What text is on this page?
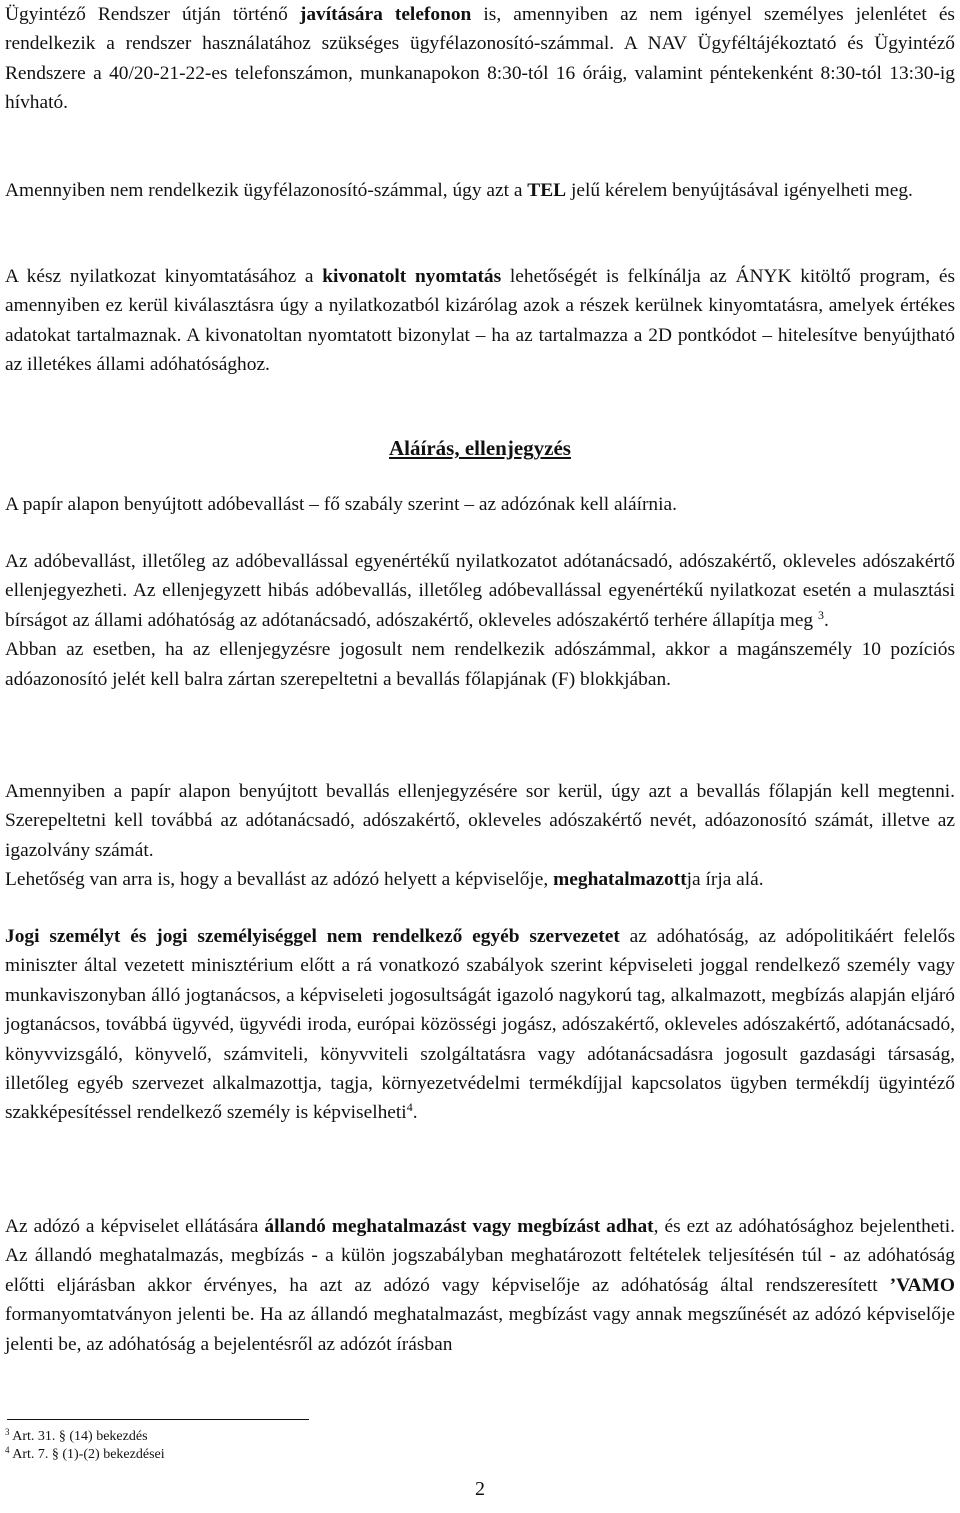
Ügyintéző Rendszer útján történő javítására telefonon is, amennyiben az nem igényel személyes jelenlétet és rendelkezik a rendszer használatához szükséges ügyfélazonosító-számmal. A NAV Ügyféltájékoztató és Ügyintéző Rendszere a 40/20-21-22-es telefonszámon, munkanapokon 8:30-tól 16 óráig, valamint péntekenként 8:30-tól 13:30-ig hívható.

Amennyiben nem rendelkezik ügyfélazonosító-számmal, úgy azt a TEL jelű kérelem benyújtásával igényelheti meg.

A kész nyilatkozat kinyomtatásához a kivonatolt nyomtatás lehetőségét is felkínálja az ÁNYK kitöltő program, és amennyiben ez kerül kiválasztásra úgy a nyilatkozatból kizárólag azok a részek kerülnek kinyomtatásra, amelyek értékes adatokat tartalmaznak. A kivonatoltan nyomtatott bizonylat – ha az tartalmazza a 2D pontkódot – hitelesítve benyújtható az illetékes állami adóhatósághoz.

Aláírás, ellenjegyzés

A papír alapon benyújtott adóbevallást – fő szabály szerint – az adózónak kell aláírnia.

Az adóbevallást, illetőleg az adóbevallással egyenértékű nyilatkozatot adótanácsadó, adószakértő, okleveles adószakértő ellenjegyezheti. Az ellenjegyzett hibás adóbevallás, illetőleg adóbevallással egyenértékű nyilatkozat esetén a mulasztási bírságot az állami adóhatóság az adótanácsadó, adószakértő, okleveles adószakértő terhére állapítja meg $^3$.
Abban az esetben, ha az ellenjegyzésre jogosult nem rendelkezik adószámmal, akkor a magánszemély 10 pozíciós adóazonosító jelét kell balra zártan szerepeltetni a bevallás főlapjának (F) blokkjában.

Amennyiben a papír alapon benyújtott bevallás ellenjegyzésére sor kerül, úgy azt a bevallás főlapján kell megtenni. Szerepeltetni kell továbbá az adótanácsadó, adószakértő, okleveles adószakértő nevét, adóazonosító számát, illetve az igazolvány számát.
Lehetőség van arra is, hogy a bevallást az adózó helyett a képviselője, meghatalmazottja írja alá.

Jogi személyt és jogi személyiséggel nem rendelkező egyéb szervezetet az adóhatóság, az adópolitikáért felelős miniszter által vezetett minisztérium előtt a rá vonatkozó szabályok szerint képviseleti joggal rendelkező személy vagy munkaviszonyban álló jogtanácsos, a képviseleti jogosultságát igazoló nagykorú tag, alkalmazott, megbízás alapján eljáró jogtanácsos, továbbá ügyvéd, ügyvédi iroda, európai közösségi jogász, adószakértő, okleveles adószakértő, adótanácsadó, könyvvizsgáló, könyvelő, számviteli, könyvviteli szolgáltatásra vagy adótanácsadásra jogosult gazdasági társaság, illetőleg egyéb szervezet alkalmazottja, tagja, környezetvédelmi termékdíjjal kapcsolatos ügyben termékdíj ügyintéző szakképesítéssel rendelkező személy is képviselheti$^4$.

Az adózó a képviselet ellátására állandó meghatalmazást vagy megbízást adhat, és ezt az adóhatósághoz bejelentheti. Az állandó meghatalmazás, megbízás - a külön jogszabályban meghatározott feltételek teljesítésén túl - az adóhatóság előtti eljárásban akkor érvényes, ha azt az adózó vagy képviselője az adóhatóság által rendszeresített ’VAMO formanyomtatványon jelenti be. Ha az állandó meghatalmazást, megbízást vagy annak megszűnését az adózó képviselője jelenti be, az adóhatóság a bejelentésről az adózót írásban

$^3$ Art. 31. § (14) bekezdés
$^4$ Art. 7. § (1)-(2) bekezdései
2
